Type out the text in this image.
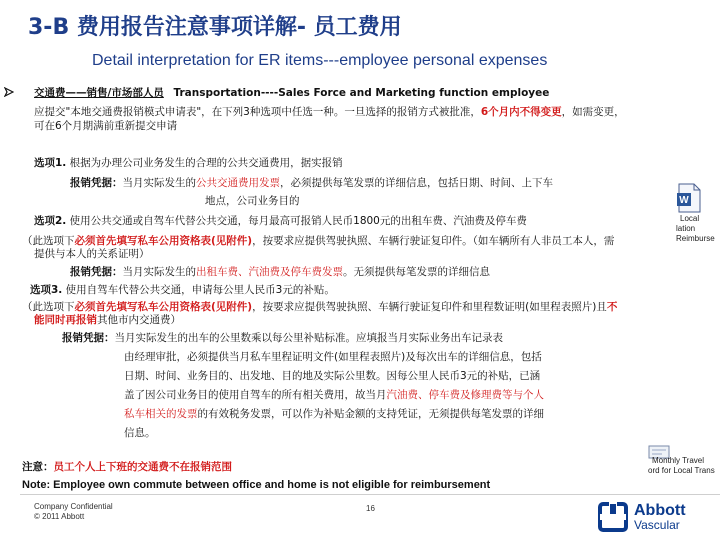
3-B 费用报告注意事项详解- 员工费用
Detail interpretation for ER items---employee personal expenses
交通费——销售/市场部人员 Transportation----Sales Force and Marketing function employee
应提交"本地交通费报销模式申请表"，在下列3种选项中任选一种。一旦选择的报销方式被批准，6个月内不得变更，如需变更，
可在6个月期满前重新提交申请
选项1. 根据为办理公司业务发生的合理的公共交通费用，据实报销
报销凭据：当月实际发生的公共交通费用发票，必须提供每笔发票的详细信息，包括日期、时间、上下车
地点，公司业务目的	W
Local
lation Reimburse
选项2. 使用公共交通或自驾车代替公共交通，每月最高可报销人民币1800元的出租车费、汽油费及停车费
（此选项下必须首先填写私车公用资格表(见附件)，按要求应提供驾驶执照、车辆行驶证复印件。（如车辆所有人非员工本人，需
提供与本人的关系证明）
报销凭据：当月实际发生的出租车费、汽油费及停车费发票。无须提供每笔发票的详细信息
选项3. 使用自驾车代替公共交通，申请每公里人民币3元的补贴。
（此选项下必须首先填写私车公用资格表(见附件)，按要求应提供驾驶执照、车辆行驶证复印件和里程数证明(如里程表照片)且不
能同时再报销其他市内交通费）
报销凭据：当月实际发生的出车的公里数乘以每公里补贴标准。应填报当月实际业务出车记录表
由经理审批，必须提供当月私车里程证明文件(如里程表照片)及每次出车的详细信息，包括
日期、时间、业务目的、出发地、目的地及实际公里数。因每公里人民币3元的补贴，已涵
盖了因公司业务目的使用自驾车的所有相关费用，故当月汽油费、停车费及修理费等与个人
私车相关的发票的有效税务发票，可以作为补贴金额的支持凭证，无须提供每笔发票的详细
信息。
注意：员工个人上下班的交通费不在报销范围
Note: Employee own commute between office and home is not eligible for reimbursement
Monthly Travel
ord for Local Trans
Company Confidential
© 2011 Abbott
16	Abbott
Vascular
